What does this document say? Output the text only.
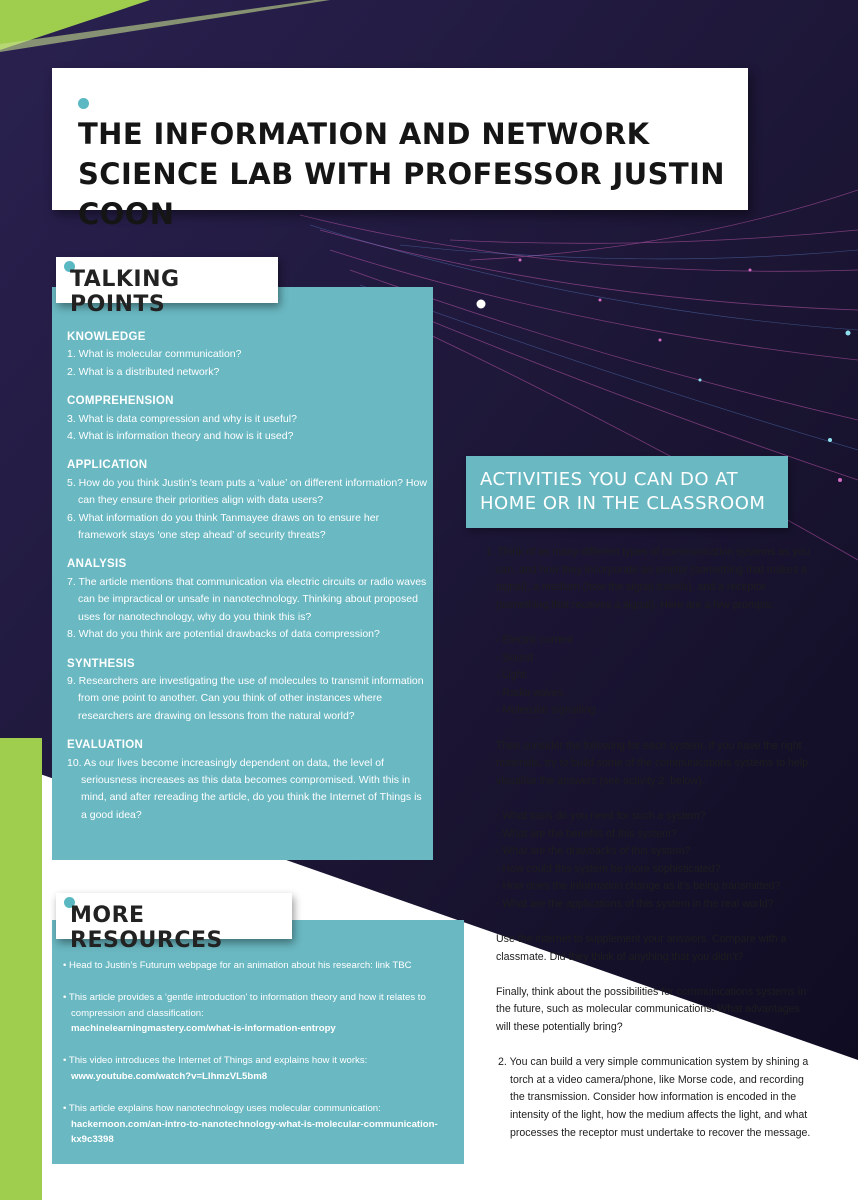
THE INFORMATION AND NETWORK SCIENCE LAB WITH PROFESSOR JUSTIN COON
TALKING POINTS
KNOWLEDGE
1. What is molecular communication?
2. What is a distributed network?
COMPREHENSION
3. What is data compression and why is it useful?
4. What is information theory and how is it used?
APPLICATION
5. How do you think Justin’s team puts a ‘value’ on different information? How can they ensure their priorities align with data users?
6. What information do you think Tanmayee draws on to ensure her framework stays ‘one step ahead’ of security threats?
ANALYSIS
7. The article mentions that communication via electric circuits or radio waves can be impractical or unsafe in nanotechnology. Thinking about proposed uses for nanotechnology, why do you think this is?
8. What do you think are potential drawbacks of data compression?
SYNTHESIS
9. Researchers are investigating the use of molecules to transmit information from one point to another. Can you think of other instances where researchers are drawing on lessons from the natural world?
EVALUATION
10. As our lives become increasingly dependent on data, the level of seriousness increases as this data becomes compromised. With this in mind, and after rereading the article, do you think the Internet of Things is a good idea?
ACTIVITIES YOU CAN DO AT HOME OR IN THE CLASSROOM

1. Think of as many different types of communication systems as you can, and how they incorporate an emitter (something that makes a signal), a medium (how the signal travels), and a receptor (something that receives a signal). Here are a few prompts:

- Electric current

- Sound

- Light

- Radio waves

- Molecular signalling

Then consider the following for each system. If you have the right materials, try to build some of the communications systems to help visualise the answers (see activity 2, below).

- What tools do you need for such a system?

- What are the benefits of this system?

- What are the drawbacks of this system?

- How could this system be more sophisticated?

- How does the information change as it’s being transmitted?

- What are the applications of this system in the real world?

Use the internet to supplement your answers. Compare with a classmate. Did they think of anything that you didn’t?

Finally, think about the possibilities for communications systems in the future, such as molecular communications. What advantages will these potentially bring?

2. You can build a very simple communication system by shining a torch at a video camera/phone, like Morse code, and recording the transmission. Consider how information is encoded in the intensity of the light, how the medium affects the light, and what processes the receptor must undertake to recover the message.

MORE RESOURCES
• Head to Justin’s Futurum webpage for an animation about his research: link TBC
• This article provides a ‘gentle introduction’ to information theory and how it relates to compression and classification:
machinelearningmastery.com/what-is-information-entropy
• This video introduces the Internet of Things and explains how it works:
www.youtube.com/watch?v=LlhmzVL5bm8
• This article explains how nanotechnology uses molecular communication: hackernoon.com/an-intro-to-nanotechnology-what-is-molecular-communication-kx9c3398
